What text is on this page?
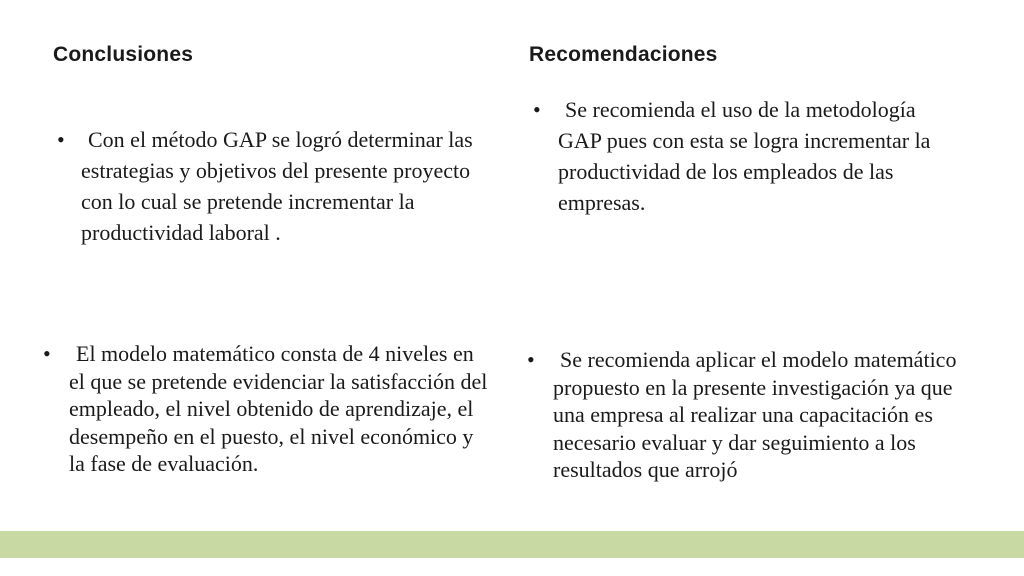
Conclusiones	Recomendaciones

•	Con el método GAP se logró determinar las estrategias y objetivos del presente proyecto con lo cual se pretende incrementar la productividad laboral .

•	Se recomienda el uso de la metodología GAP pues con esta se logra incrementar la productividad de los empleados de las empresas.

•	El modelo matemático consta de 4 niveles en el que se pretende evidenciar la satisfacción del empleado, el nivel obtenido de aprendizaje, el desempeño en el puesto, el nivel económico y la fase de evaluación.

•	Se recomienda aplicar el modelo matemático propuesto en la presente investigación ya que una empresa al realizar una capacitación es necesario evaluar y dar seguimiento a los resultados que arrojó
